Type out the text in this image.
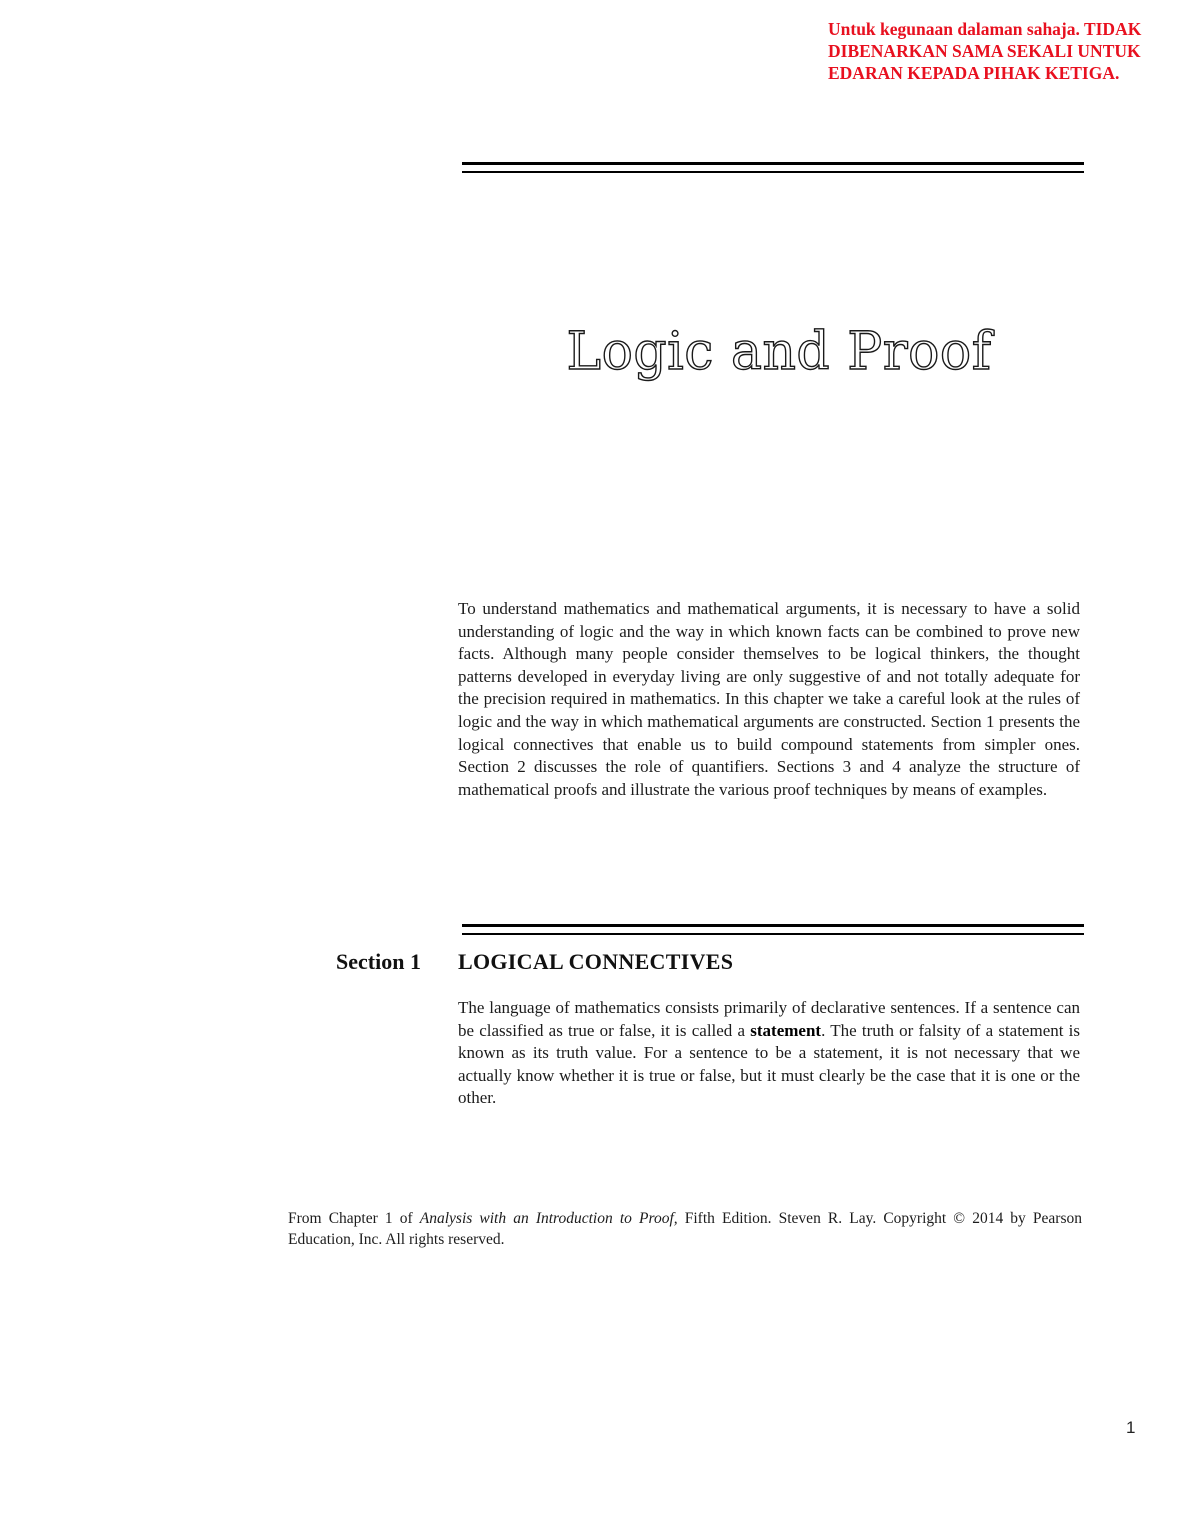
Untuk kegunaan dalaman sahaja. TIDAK
DIBENARKAN SAMA SEKALI UNTUK
EDARAN KEPADA PIHAK KETIGA.
Logic and Proof

To understand mathematics and mathematical arguments, it is necessary to have a solid understanding of logic and the way in which known facts can be combined to prove new facts. Although many people consider themselves to be logical thinkers, the thought patterns developed in everyday living are only suggestive of and not totally adequate for the precision required in mathematics. In this chapter we take a careful look at the rules of logic and the way in which mathematical arguments are constructed. Section 1 presents the logical connectives that enable us to build compound statements from simpler ones. Section 2 discusses the role of quantifiers. Sections 3 and 4 analyze the structure of mathematical proofs and illustrate the various proof techniques by means of examples.

Section 1 LOGICAL CONNECTIVES

The language of mathematics consists primarily of declarative sentences. If a sentence can be classified as true or false, it is called a statement. The truth or falsity of a statement is known as its truth value. For a sentence to be a statement, it is not necessary that we actually know whether it is true or false, but it must clearly be the case that it is one or the other.

From Chapter 1 of Analysis with an Introduction to Proof, Fifth Edition. Steven R. Lay. Copyright © 2014 by Pearson Education, Inc. All rights reserved.

1
